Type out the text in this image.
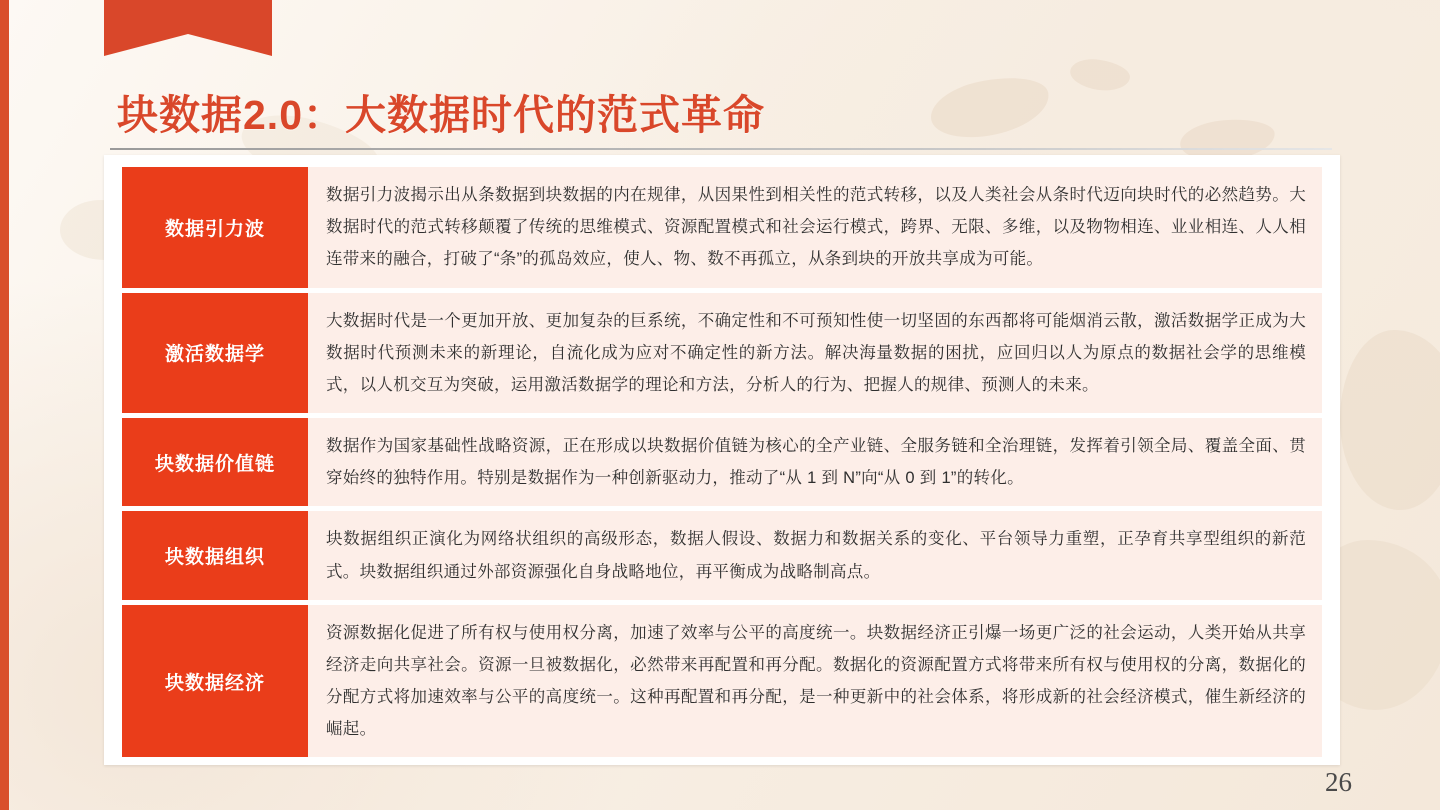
块数据2.0：大数据时代的范式革命
数据引力波
数据引力波揭示出从条数据到块数据的内在规律，从因果性到相关性的范式转移，以及人类社会从条时代迈向块时代的必然趋势。大数据时代的范式转移颠覆了传统的思维模式、资源配置模式和社会运行模式，跨界、无限、多维，以及物物相连、业业相连、人人相连带来的融合，打破了“条”的孤岛效应，使人、物、数不再孤立，从条到块的开放共享成为可能。
激活数据学
大数据时代是一个更加开放、更加复杂的巨系统，不确定性和不可预知性使一切坚固的东西都将可能烟消云散，激活数据学正成为大数据时代预测未来的新理论，自流化成为应对不确定性的新方法。解决海量数据的困扰，应回归以人为原点的数据社会学的思维模式，以人机交互为突破，运用激活数据学的理论和方法，分析人的行为、把握人的规律、预测人的未来。
块数据价值链
数据作为国家基础性战略资源，正在形成以块数据价值链为核心的全产业链、全服务链和全治理链，发挥着引领全局、覆盖全面、贯穿始终的独特作用。特别是数据作为一种创新驱动力，推动了“从 1 到 N”向“从 0 到 1”的转化。
块数据组织
块数据组织正演化为网络状组织的高级形态，数据人假设、数据力和数据关系的变化、平台领导力重塑，正孕育共享型组织的新范式。块数据组织通过外部资源强化自身战略地位，再平衡成为战略制高点。
块数据经济
资源数据化促进了所有权与使用权分离，加速了效率与公平的高度统一。块数据经济正引爆一场更广泛的社会运动，人类开始从共享经济走向共享社会。资源一旦被数据化，必然带来再配置和再分配。数据化的资源配置方式将带来所有权与使用权的分离，数据化的分配方式将加速效率与公平的高度统一。这种再配置和再分配，是一种更新中的社会体系，将形成新的社会经济模式，催生新经济的崛起。
26
